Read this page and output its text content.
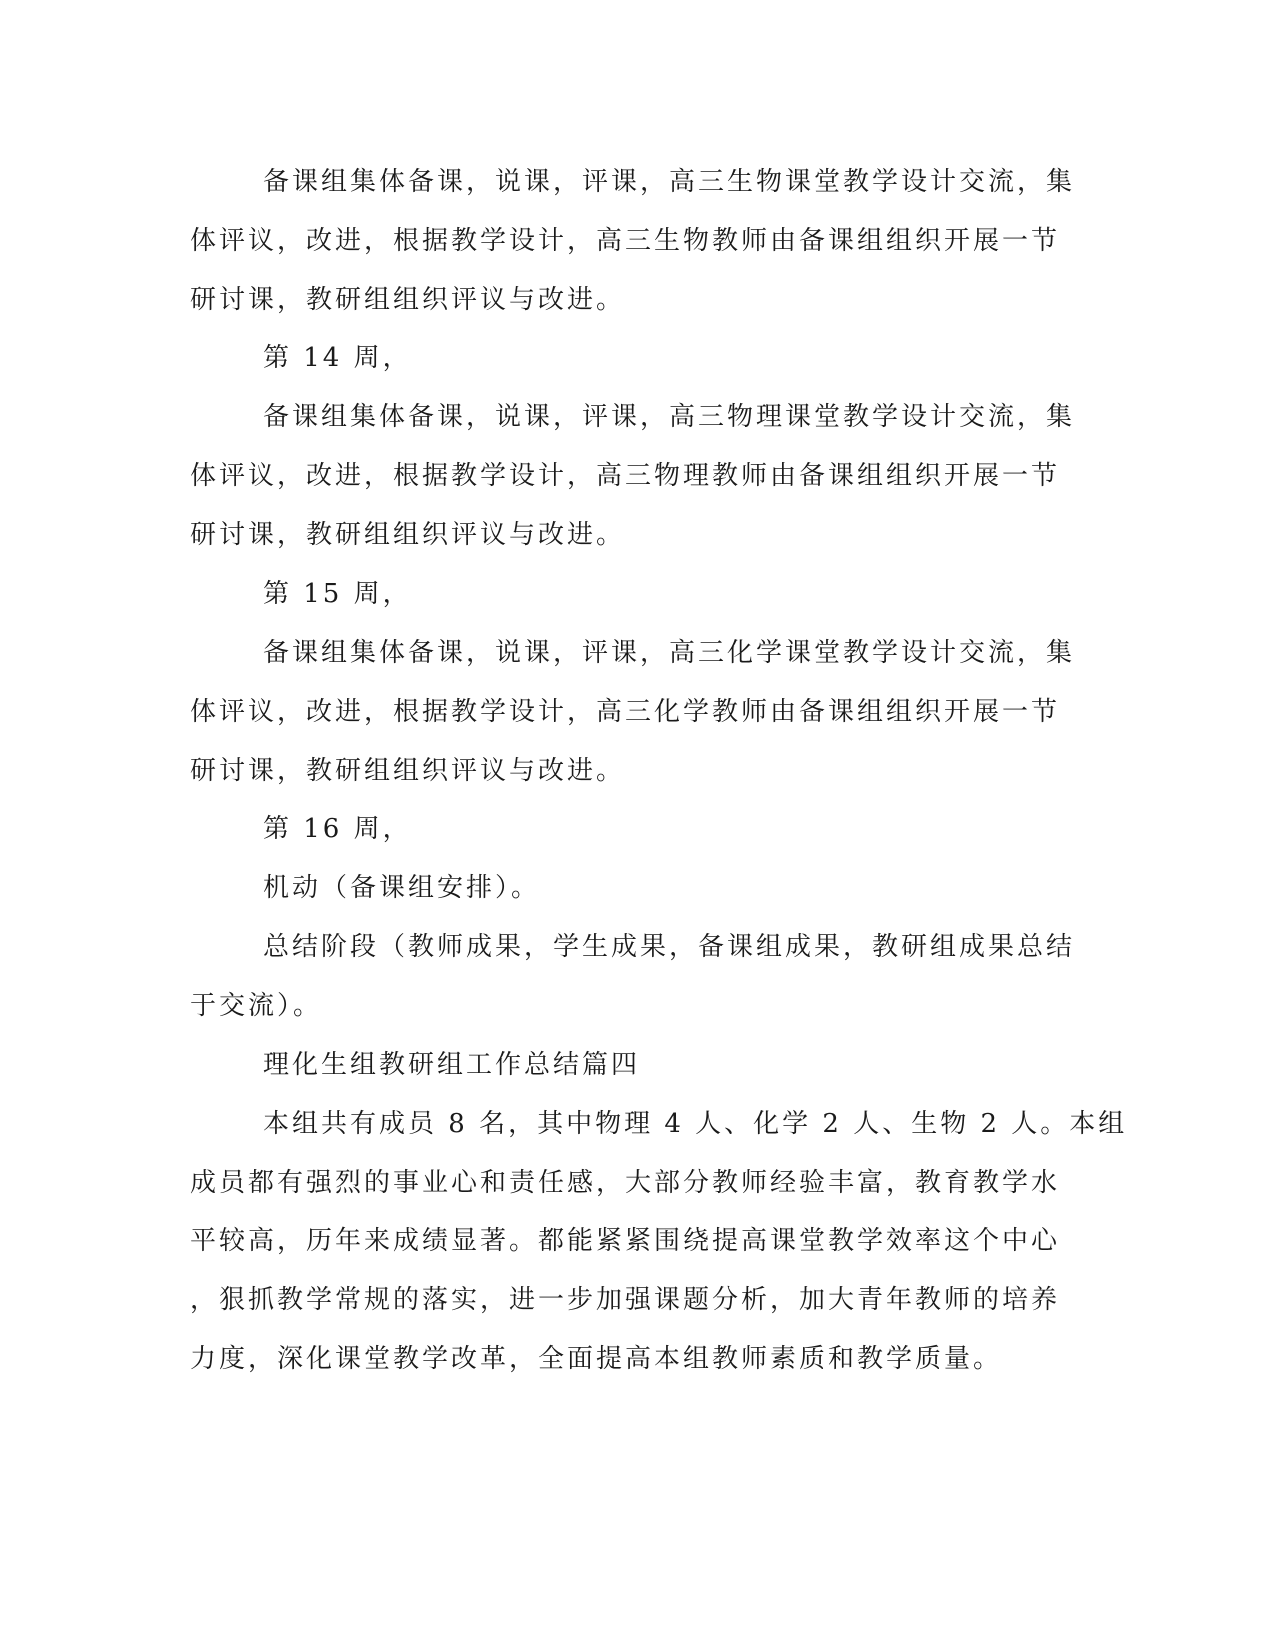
备课组集体备课，说课，评课，高三生物课堂教学设计交流，集
体评议，改进，根据教学设计，高三生物教师由备课组组织开展一节
研讨课，教研组组织评议与改进。
第 14 周，
备课组集体备课，说课，评课，高三物理课堂教学设计交流，集
体评议，改进，根据教学设计，高三物理教师由备课组组织开展一节
研讨课，教研组组织评议与改进。
第 15 周，
备课组集体备课，说课，评课，高三化学课堂教学设计交流，集
体评议，改进，根据教学设计，高三化学教师由备课组组织开展一节
研讨课，教研组组织评议与改进。
第 16 周，
机动（备课组安排）。
总结阶段（教师成果，学生成果，备课组成果，教研组成果总结
于交流）。
理化生组教研组工作总结篇四
本组共有成员 8 名，其中物理 4 人、化学 2 人、生物 2 人。本组
成员都有强烈的事业心和责任感，大部分教师经验丰富，教育教学水
平较高，历年来成绩显著。都能紧紧围绕提高课堂教学效率这个中心
，狠抓教学常规的落实，进一步加强课题分析，加大青年教师的培养
力度，深化课堂教学改革，全面提高本组教师素质和教学质量。
